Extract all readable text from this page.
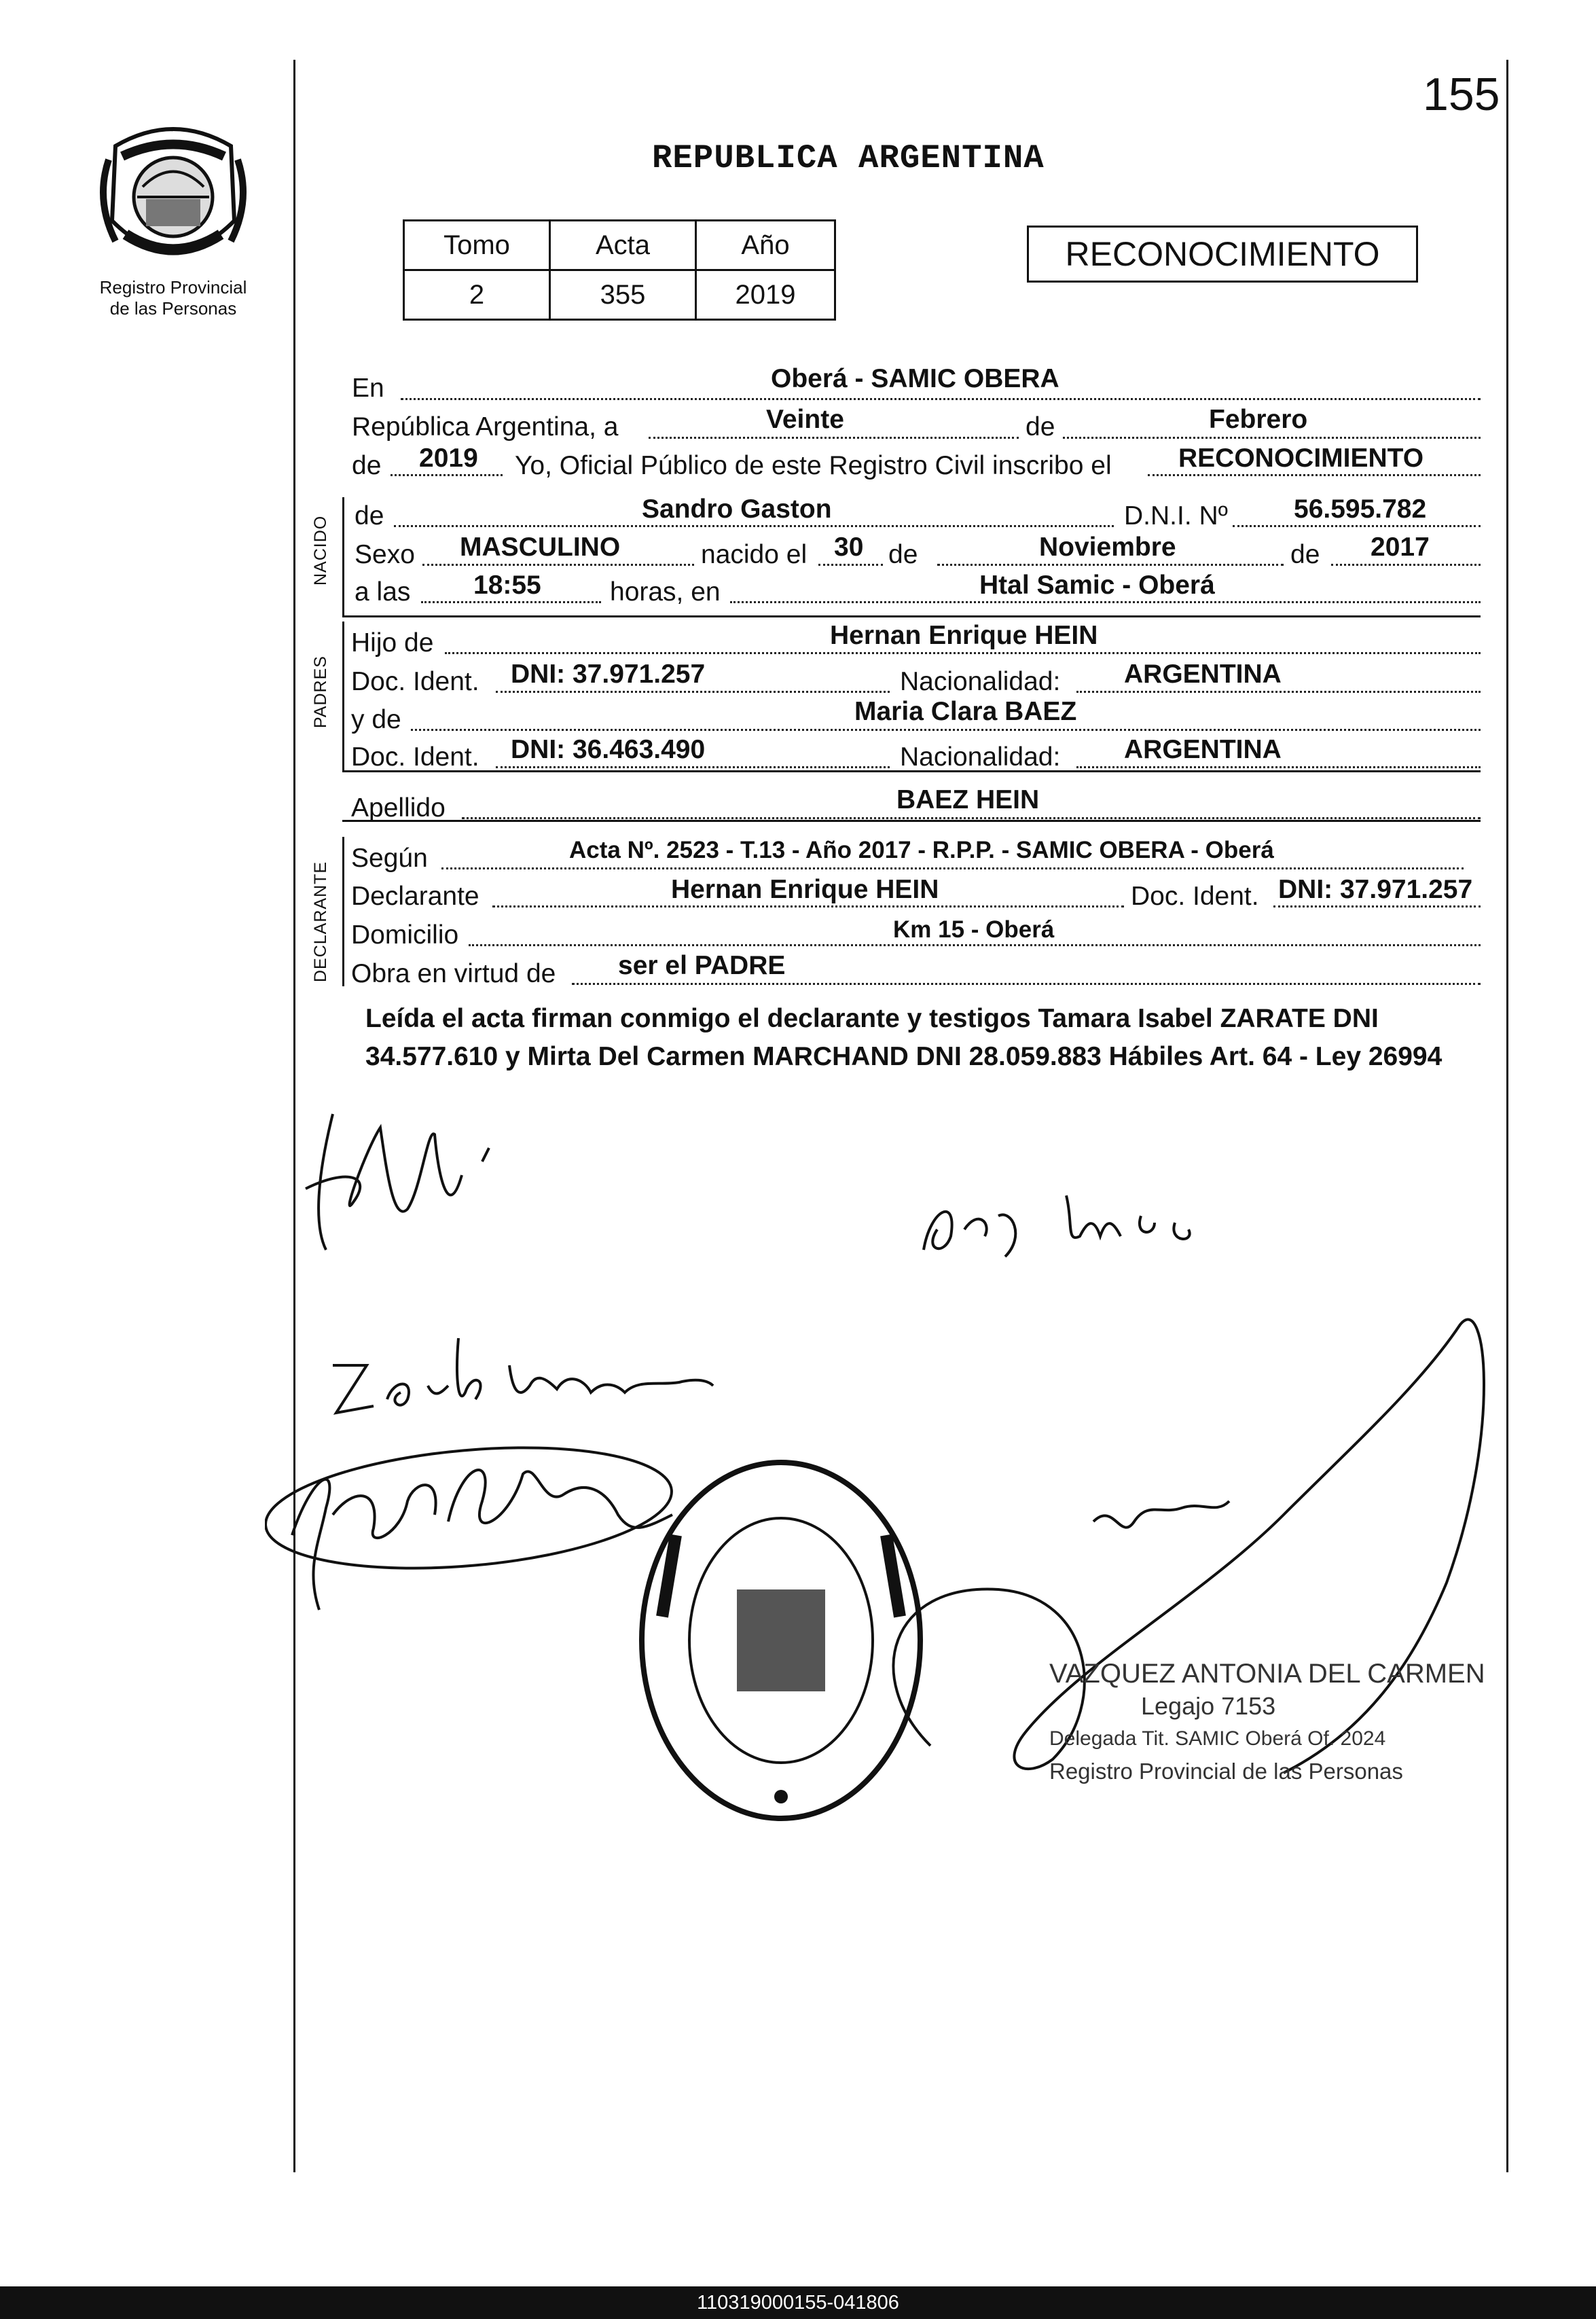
Registro Provincial
de las Personas
155
REPUBLICA ARGENTINA
Tomo	Acta	Año
2	355	2019
RECONOCIMIENTO
NACIDO
PADRES
DECLARANTE
En	Oberá - SAMIC OBERA
República Argentina, a	Veinte	de	Febrero
de 2019 Yo, Oficial Público de este Registro Civil inscribo el	RECONOCIMIENTO
de	Sandro Gaston	D.N.I. Nº 56.595.782
Sexo MASCULINO	nacido el 30 de	Noviembre	de 2017
a las 18:55	horas, en	Htal Samic - Oberá
Hijo de	Hernan Enrique HEIN
Doc. Ident. DNI: 37.971.257	Nacionalidad: ARGENTINA
y de	Maria Clara BAEZ
Doc. Ident. DNI: 36.463.490	Nacionalidad: ARGENTINA
Apellido	BAEZ HEIN
Según	Acta Nº. 2523 - T.13 - Año 2017 - R.P.P. - SAMIC OBERA - Oberá
Declarante	Hernan Enrique HEIN	Doc. Ident. DNI: 37.971.257
Domicilio	Km 15 - Oberá
Obra en virtud de ser el PADRE
Leída el acta firman conmigo el declarante y testigos Tamara Isabel ZARATE DNI 34.577.610 y Mirta Del Carmen MARCHAND DNI 28.059.883 Hábiles Art. 64 - Ley 26994
VAZQUEZ ANTONIA DEL CARMEN
Legajo 7153
Delegada Tit. SAMIC Oberá Of. 2024
Registro Provincial de las Personas
110319000155-041806
